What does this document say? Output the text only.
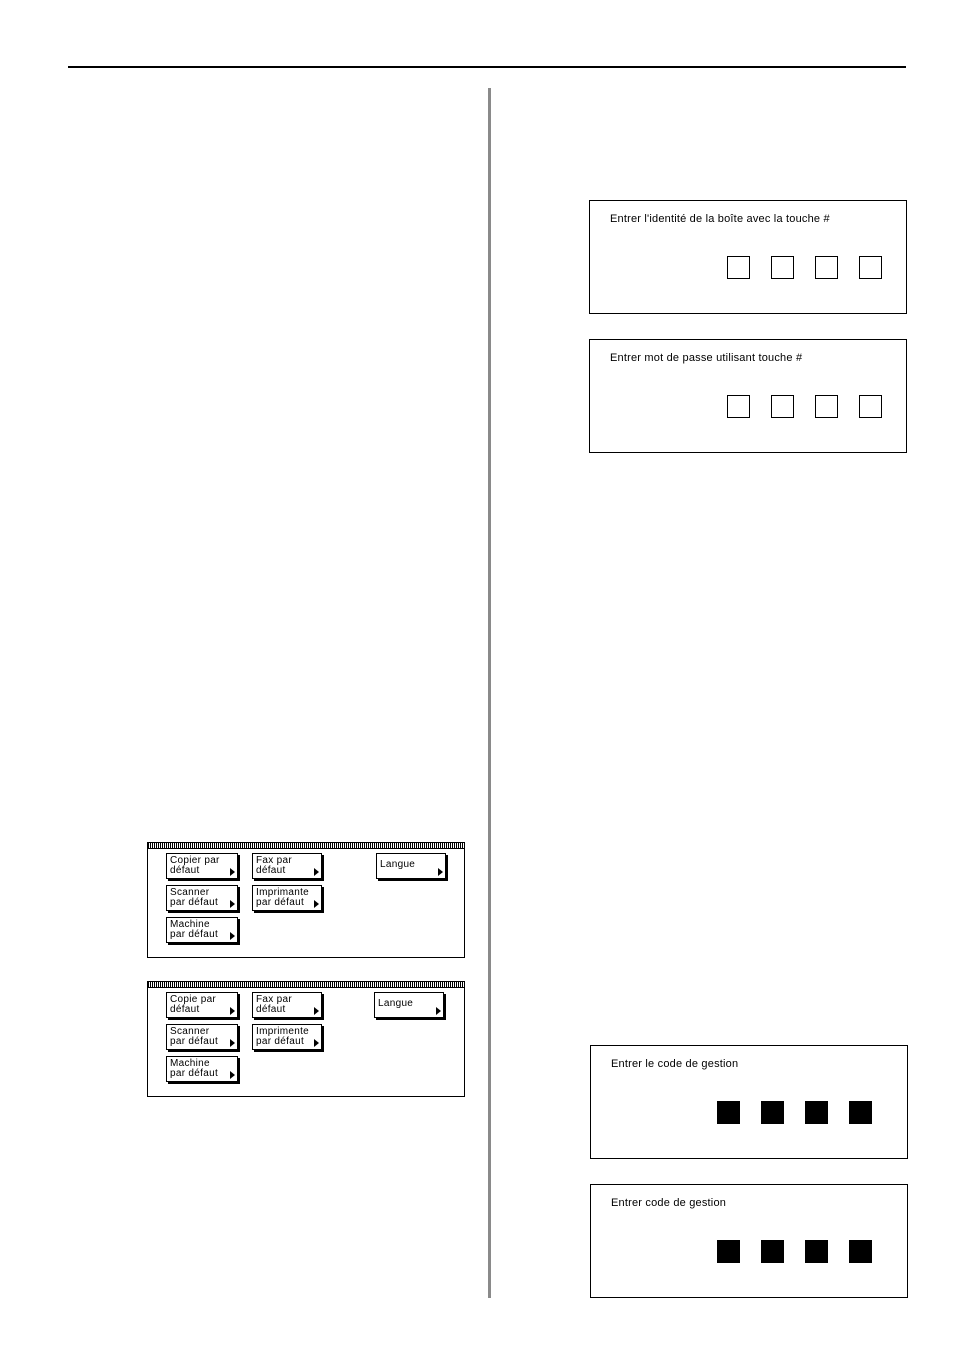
Entrer l'identité de la boîte avec la touche #
Entrer mot de passe utilisant touche #
Entrer le code de gestion
Entrer code de gestion
Copier par
défaut
Fax par
défaut
Langue
Scanner
par défaut
Imprimante
par défaut
Machine
par défaut
Copie par
défaut
Fax par
défaut
Langue
Scanner
par défaut
Imprimente
par défaut
Machine
par défaut
